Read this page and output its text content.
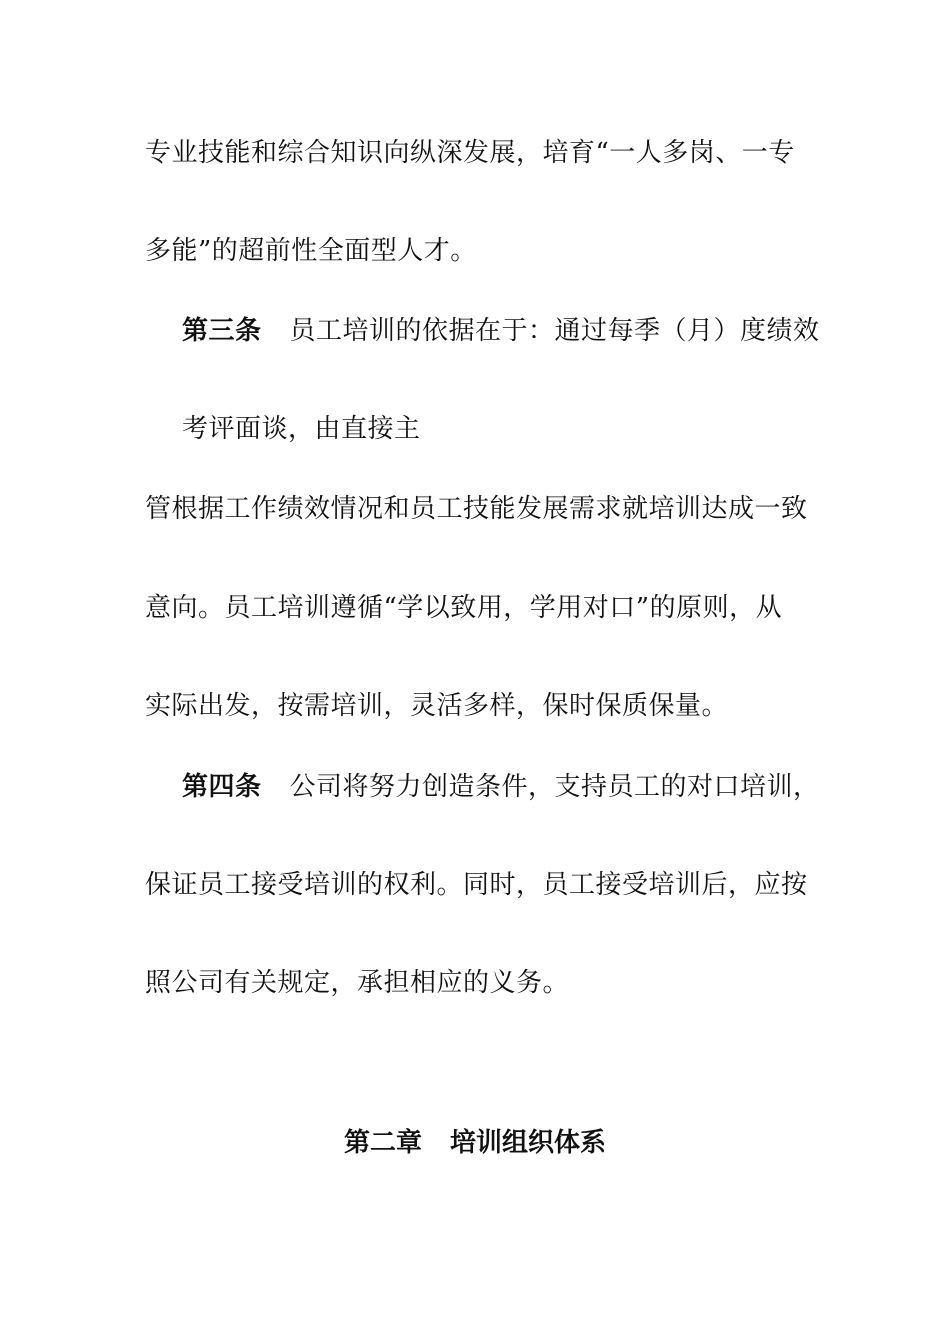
专业技能和综合知识向纵深发展，培育“一人多岗、一专
多能”的超前性全面型人才。
第三条 员工培训的依据在于：通过每季（月）度绩效
考评面谈，由直接主
管根据工作绩效情况和员工技能发展需求就培训达成一致
意向。员工培训遵循“学以致用，学用对口”的原则，从
实际出发，按需培训，灵活多样，保时保质保量。
第四条 公司将努力创造条件，支持员工的对口培训，
保证员工接受培训的权利。同时，员工接受培训后，应按
照公司有关规定，承担相应的义务。
第二章 培训组织体系
